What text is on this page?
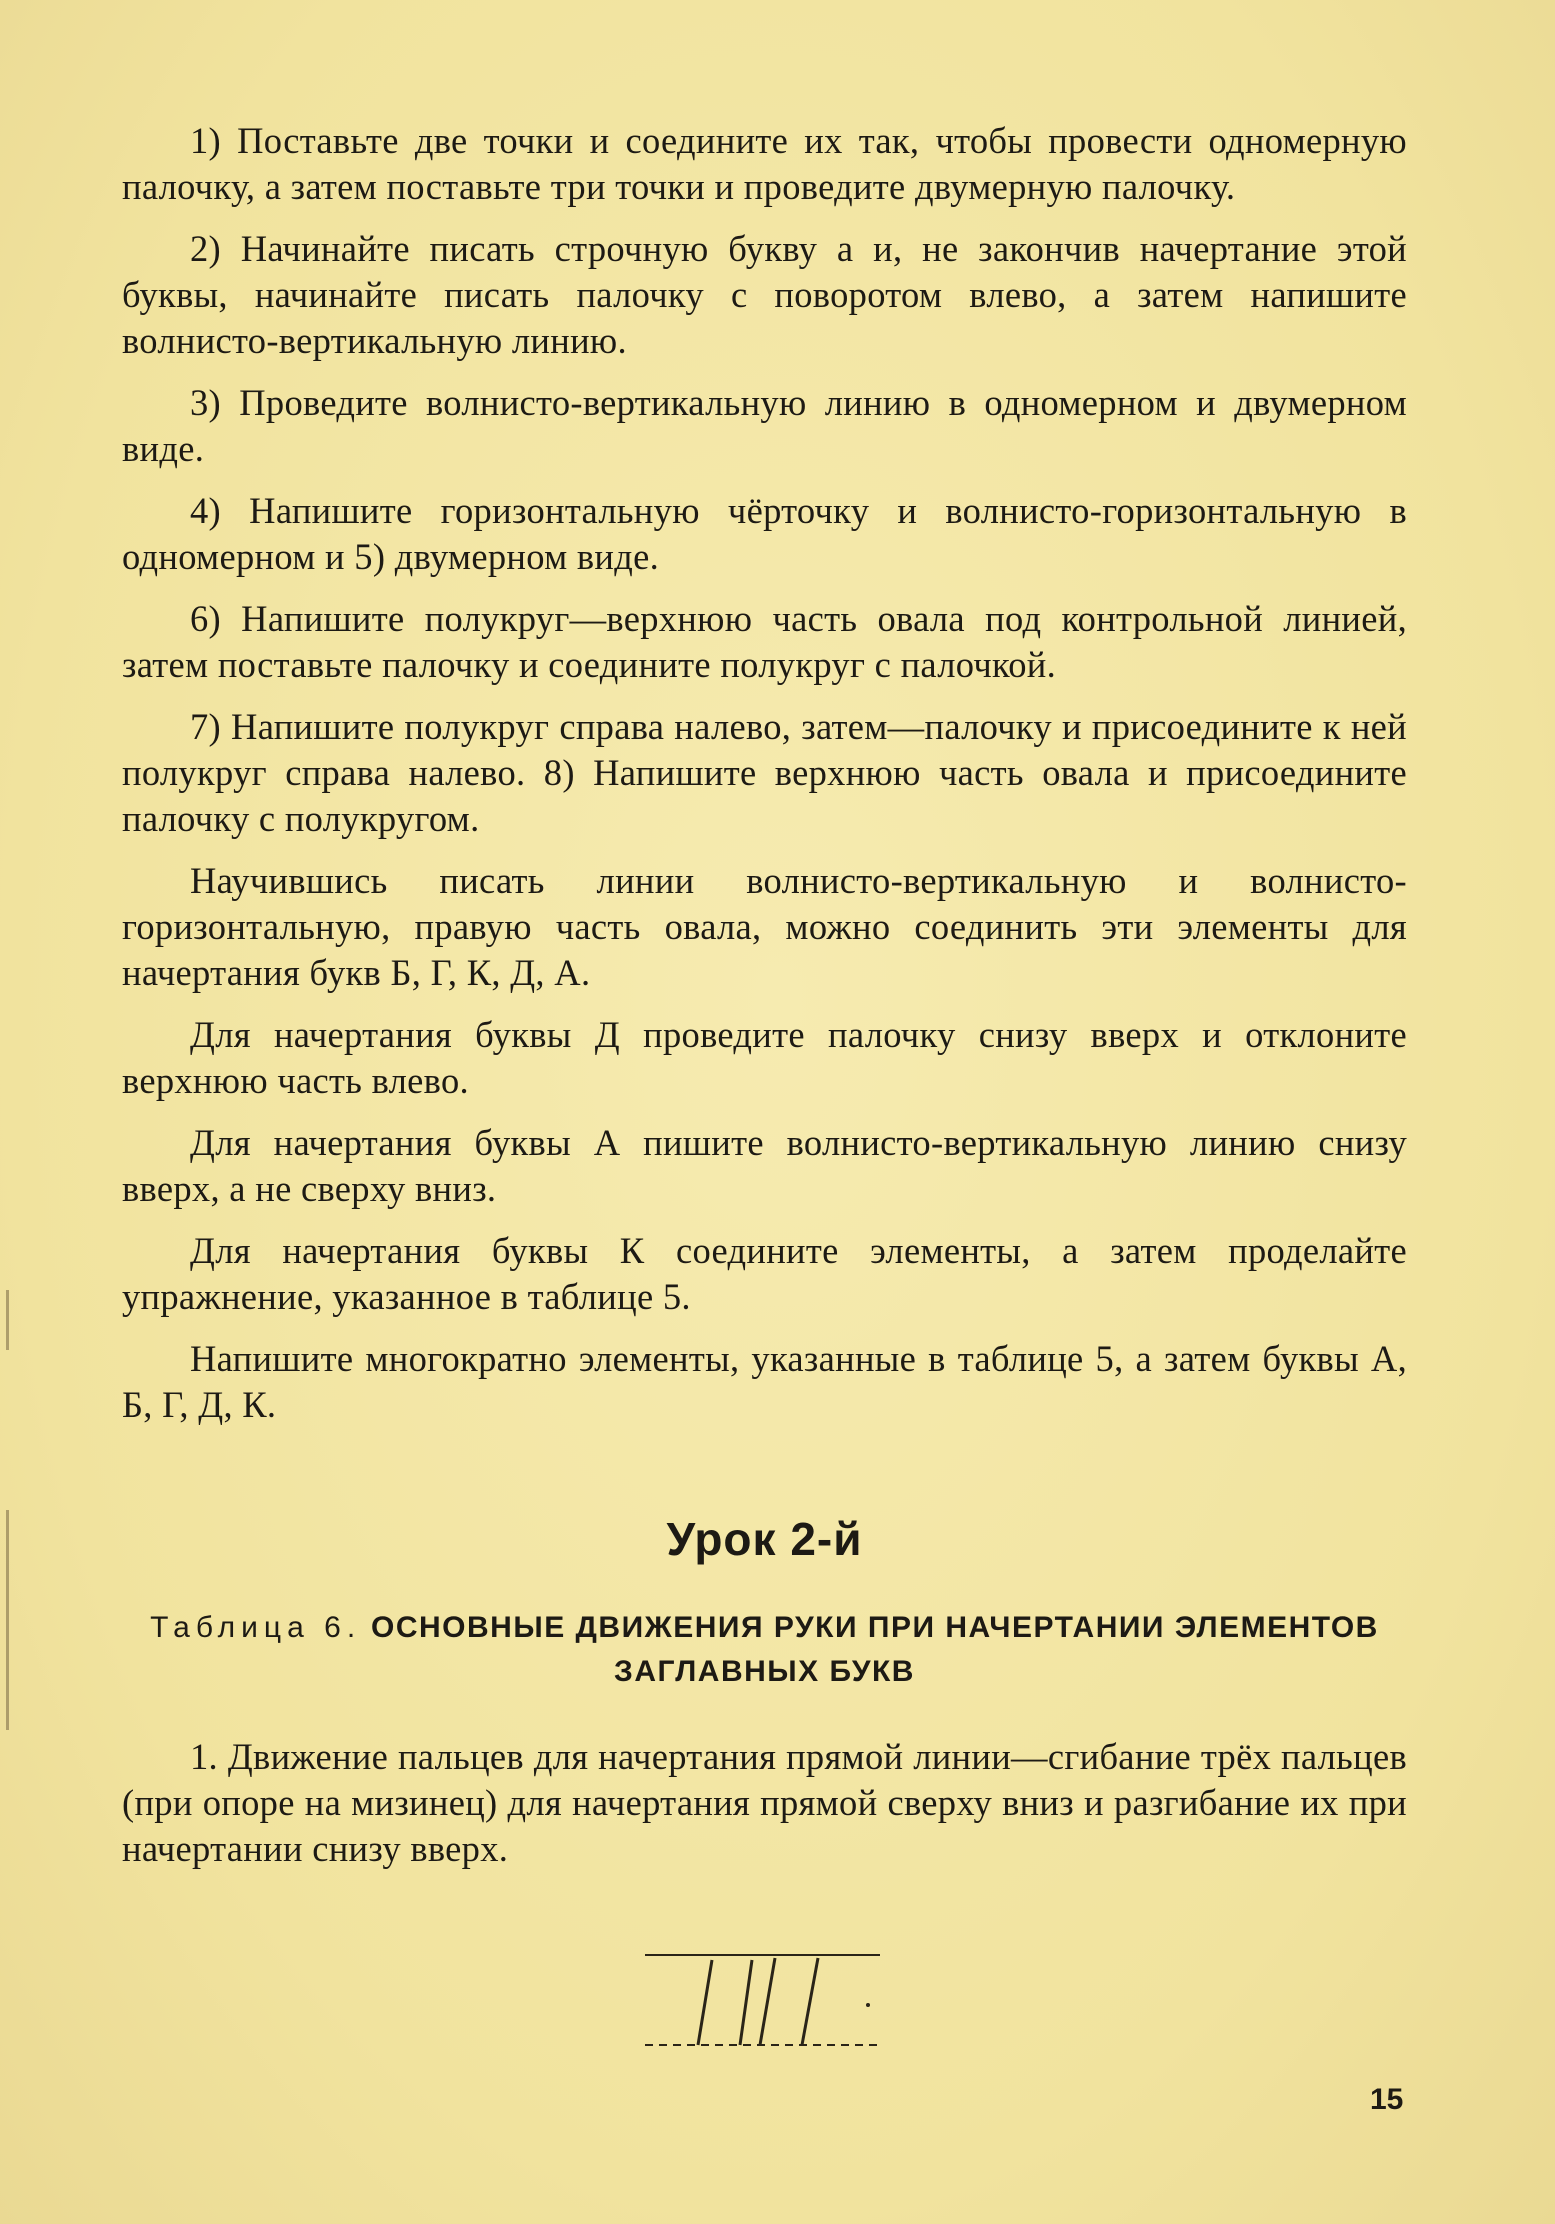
1) Поставьте две точки и соедините их так, чтобы провести одномерную палочку, а затем поставьте три точки и проведите двумерную палочку.

2) Начинайте писать строчную букву а и, не закончив начертание этой буквы, начинайте писать палочку с поворотом влево, а затем напишите волнисто-вертикальную линию.

3) Проведите волнисто-вертикальную линию в одномерном и двумерном виде.

4) Напишите горизонтальную чёрточку и волнисто-горизонтальную в одномерном и 5) двумерном виде.

6) Напишите полукруг—верхнюю часть овала под контрольной линией, затем поставьте палочку и соедините полукруг с палочкой.

7) Напишите полукруг справа налево, затем—палочку и присоедините к ней полукруг справа налево. 8) Напишите верхнюю часть овала и присоедините палочку с полукругом.

Научившись писать линии волнисто-вертикальную и волнисто-горизонтальную, правую часть овала, можно соединить эти элементы для начертания букв Б, Г, К, Д, А.

Для начертания буквы Д проведите палочку снизу вверх и отклоните верхнюю часть влево.

Для начертания буквы А пишите волнисто-вертикальную линию снизу вверх, а не сверху вниз.

Для начертания буквы К соедините элементы, а затем проделайте упражнение, указанное в таблице 5.

Напишите многократно элементы, указанные в таблице 5, а затем буквы А, Б, Г, Д, К.

Урок 2-й
Таблица 6. ОСНОВНЫЕ ДВИЖЕНИЯ РУКИ ПРИ НАЧЕРТАНИИ ЭЛЕМЕНТОВ ЗАГЛАВНЫХ БУКВ

1. Движение пальцев для начертания прямой линии—сгибание трёх пальцев (при опоре на мизинец) для начертания прямой сверху вниз и разгибание их при начертании снизу вверх.

15
